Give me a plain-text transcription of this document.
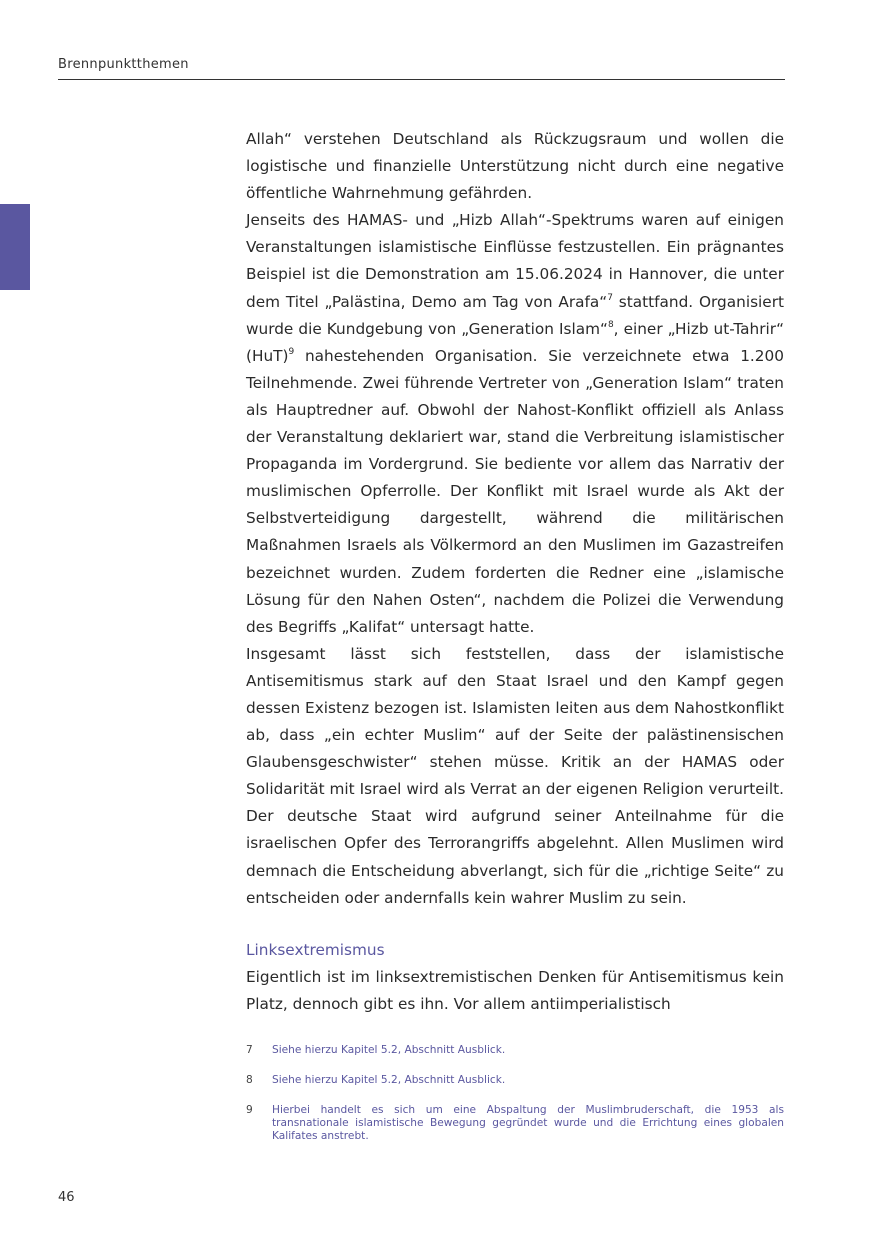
Brennpunktthemen

Allah“ verstehen Deutschland als Rückzugsraum und wollen die logistische und finanzielle Unterstützung nicht durch eine negative öffentliche Wahrnehmung gefährden.

Jenseits des HAMAS- und „Hizb Allah“-Spektrums waren auf einigen Veranstaltungen islamistische Einflüsse festzustellen. Ein prägnantes Beispiel ist die Demonstration am 15.06.2024 in Hannover, die unter dem Titel „Palästina, Demo am Tag von Arafa“$^7$ stattfand. Organisiert wurde die Kundgebung von „Generation Islam“$^8$, einer „Hizb ut-Tahrir“ (HuT)$^9$ nahestehenden Organisation. Sie verzeichnete etwa 1.200 Teilnehmende. Zwei führende Vertreter von „Generation Islam“ traten als Hauptredner auf. Obwohl der Nahost-Konflikt offiziell als Anlass der Veranstaltung deklariert war, stand die Verbreitung islamistischer Propaganda im Vordergrund. Sie bediente vor allem das Narrativ der muslimischen Opferrolle. Der Konflikt mit Israel wurde als Akt der Selbstverteidigung dargestellt, während die militärischen Maßnahmen Israels als Völkermord an den Muslimen im Gazastreifen bezeichnet wurden. Zudem forderten die Redner eine „islamische Lösung für den Nahen Osten“, nachdem die Polizei die Verwendung des Begriffs „Kalifat“ untersagt hatte.

Insgesamt lässt sich feststellen, dass der islamistische Antisemitismus stark auf den Staat Israel und den Kampf gegen dessen Existenz bezogen ist. Islamisten leiten aus dem Nahostkonflikt ab, dass „ein echter Muslim“ auf der Seite der palästinensischen Glaubensgeschwister“ stehen müsse. Kritik an der HAMAS oder Solidarität mit Israel wird als Verrat an der eigenen Religion verurteilt. Der deutsche Staat wird aufgrund seiner Anteilnahme für die israelischen Opfer des Terrorangriffs abgelehnt. Allen Muslimen wird demnach die Entscheidung abverlangt, sich für die „richtige Seite“ zu entscheiden oder andernfalls kein wahrer Muslim zu sein.

Linksextremismus

Eigentlich ist im linksextremistischen Denken für Antisemitismus kein Platz, dennoch gibt es ihn. Vor allem antiimperialistisch

7	Siehe hierzu Kapitel 5.2, Abschnitt Ausblick.
8	Siehe hierzu Kapitel 5.2, Abschnitt Ausblick.
9	Hierbei handelt es sich um eine Abspaltung der Muslimbruderschaft, die 1953 als transnationale islamistische Bewegung gegründet wurde und die Errichtung eines globalen Kalifates anstrebt.
46
